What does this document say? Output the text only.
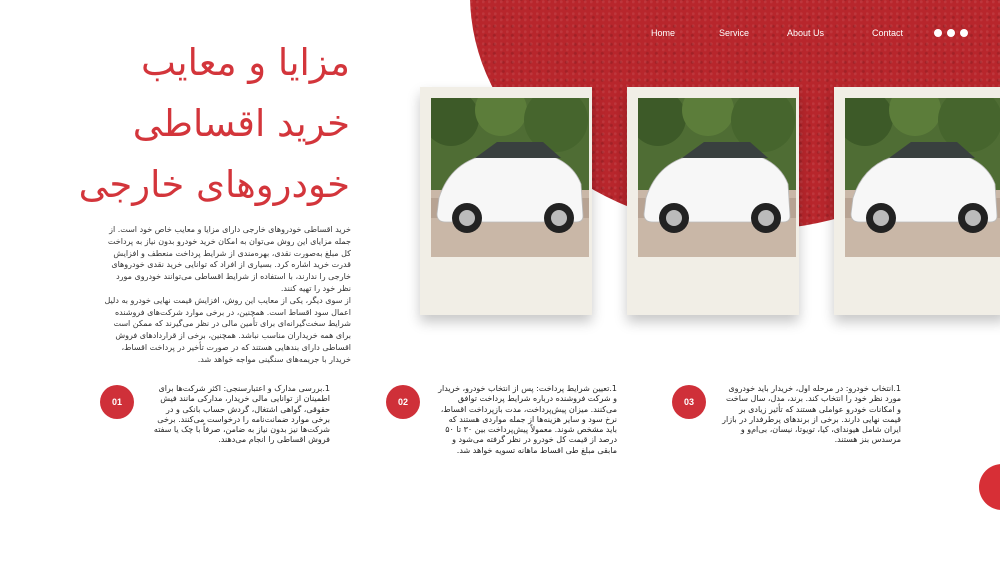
Home	Service	About Us	Contact
مزایا و معایب
خرید اقساطی
خودروهای خارجی

خرید اقساطی خودروهای خارجی دارای مزایا و معایب خاص خود است. از جمله مزایای این روش می‌توان به امکان خرید خودرو بدون نیاز به پرداخت کل مبلغ به‌صورت نقدی، بهره‌مندی از شرایط پرداخت منعطف و افزایش قدرت خرید اشاره کرد. بسیاری از افراد که توانایی خرید نقدی خودروهای خارجی را ندارند، با استفاده از شرایط اقساطی می‌توانند خودروی مورد نظر خود را تهیه کنند.

از سوی دیگر، یکی از معایب این روش، افزایش قیمت نهایی خودرو به دلیل اعمال سود اقساط است. همچنین، در برخی موارد شرکت‌های فروشنده شرایط سخت‌گیرانه‌ای برای تأمین مالی در نظر می‌گیرند که ممکن است برای همه خریداران مناسب نباشد. همچنین، برخی از قراردادهای فروش اقساطی دارای بندهایی هستند که در صورت تأخیر در پرداخت اقساط، خریدار با جریمه‌های سنگینی مواجه خواهد شد.

01

1.بررسی مدارک و اعتبارسنجی: اکثر شرکت‌ها برای اطمینان از توانایی مالی خریدار، مدارکی مانند فیش حقوقی، گواهی اشتغال، گردش حساب بانکی و در برخی موارد ضمانت‌نامه را درخواست می‌کنند. برخی شرکت‌ها نیز بدون نیاز به ضامن، صرفاً با چک یا سفته فروش اقساطی را انجام می‌دهند.

02

1.تعیین شرایط پرداخت: پس از انتخاب خودرو، خریدار و شرکت فروشنده درباره شرایط پرداخت توافق می‌کنند. میزان پیش‌پرداخت، مدت بازپرداخت اقساط، نرخ سود و سایر هزینه‌ها از جمله مواردی هستند که باید مشخص شوند. معمولاً پیش‌پرداخت بین ۳۰ تا ۵۰ درصد از قیمت کل خودرو در نظر گرفته می‌شود و مابقی مبلغ طی اقساط ماهانه تسویه خواهد شد.

03

1.انتخاب خودرو: در مرحله اول، خریدار باید خودروی مورد نظر خود را انتخاب کند. برند، مدل، سال ساخت و امکانات خودرو عواملی هستند که تأثیر زیادی بر قیمت نهایی دارند. برخی از برندهای پرطرفدار در بازار ایران شامل هیوندای، کیا، تویوتا، نیسان، بی‌ام‌و و مرسدس بنز هستند.
